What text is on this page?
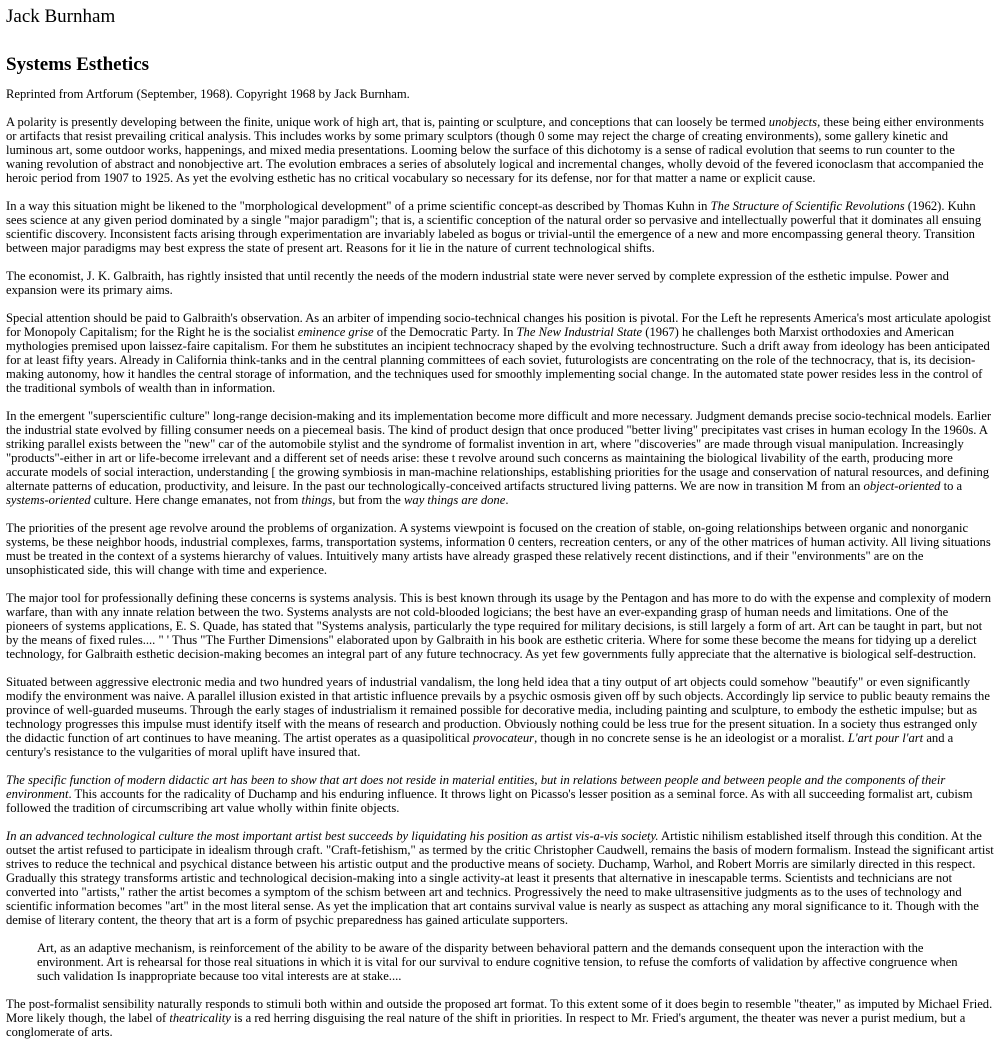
Jack Burnham
Systems Esthetics

Reprinted from Artforum (September, 1968). Copyright 1968 by Jack Burnham.

A polarity is presently developing between the finite, unique work of high art, that is, painting or sculpture, and conceptions that can loosely be termed unobjects, these being either environments or artifacts that resist prevailing critical analysis. This includes works by some primary sculptors (though 0 some may reject the charge of creating environments), some gallery kinetic and luminous art, some outdoor works, happenings, and mixed media presentations. Looming below the surface of this dichotomy is a sense of radical evolution that seems to run counter to the waning revolution of abstract and nonobjective art. The evolution embraces a series of absolutely logical and incremental changes, wholly devoid of the fevered iconoclasm that accompanied the heroic period from 1907 to 1925. As yet the evolving esthetic has no critical vocabulary so necessary for its defense, nor for that matter a name or explicit cause.

In a way this situation might be likened to the "morphological development" of a prime scientific concept-as described by Thomas Kuhn in The Structure of Scientific Revolutions (1962). Kuhn sees science at any given period dominated by a single "major paradigm"; that is, a scientific conception of the natural order so pervasive and intellectually powerful that it dominates all ensuing scientific discovery. Inconsistent facts arising through experimentation are invariably labeled as bogus or trivial-until the emergence of a new and more encompassing general theory. Transition between major paradigms may best express the state of present art. Reasons for it lie in the nature of current technological shifts.

The economist, J. K. Galbraith, has rightly insisted that until recently the needs of the modern industrial state were never served by complete expression of the esthetic impulse. Power and expansion were its primary aims.

Special attention should be paid to Galbraith's observation. As an arbiter of impending socio-technical changes his position is pivotal. For the Left he represents America's most articulate apologist for Monopoly Capitalism; for the Right he is the socialist eminence grise of the Democratic Party. In The New Industrial State (1967) he challenges both Marxist orthodoxies and American mythologies premised upon laissez-faire capitalism. For them he substitutes an incipient technocracy shaped by the evolving technostructure. Such a drift away from ideology has been anticipated for at least fifty years. Already in California think-tanks and in the central planning committees of each soviet, futurologists are concentrating on the role of the technocracy, that is, its decision-making autonomy, how it handles the central storage of information, and the techniques used for smoothly implementing social change. In the automated state power resides less in the control of the traditional symbols of wealth than in information.

In the emergent "superscientific culture" long-range decision-making and its implementation become more difficult and more necessary. Judgment demands precise socio-technical models. Earlier the industrial state evolved by filling consumer needs on a piecemeal basis. The kind of product design that once produced "better living" precipitates vast crises in human ecology In the 1960s. A striking parallel exists between the "new" car of the automobile stylist and the syndrome of formalist invention in art, where "discoveries" are made through visual manipulation. Increasingly "products"-either in art or life-become irrelevant and a different set of needs arise: these t revolve around such concerns as maintaining the biological livability of the earth, producing more accurate models of social interaction, understanding [ the growing symbiosis in man-machine relationships, establishing priorities for the usage and conservation of natural resources, and defining alternate patterns of education, productivity, and leisure. In the past our technologically-conceived artifacts structured living patterns. We are now in transition M from an object-oriented to a systems-oriented culture. Here change emanates, not from things, but from the way things are done.

The priorities of the present age revolve around the problems of organization. A systems viewpoint is focused on the creation of stable, on-going relationships between organic and nonorganic systems, be these neighbor hoods, industrial complexes, farms, transportation systems, information 0 centers, recreation centers, or any of the other matrices of human activity. All living situations must be treated in the context of a systems hierarchy of values. Intuitively many artists have already grasped these relatively recent distinctions, and if their "environments" are on the unsophisticated side, this will change with time and experience.

The major tool for professionally defining these concerns is systems analysis. This is best known through its usage by the Pentagon and has more to do with the expense and complexity of modern warfare, than with any innate relation between the two. Systems analysts are not cold-blooded logicians; the best have an ever-expanding grasp of human needs and limitations. One of the pioneers of systems applications, E. S. Quade, has stated that "Systems analysis, particularly the type required for military decisions, is still largely a form of art. Art can be taught in part, but not by the means of fixed rules.... " ' Thus "The Further Dimensions" elaborated upon by Galbraith in his book are esthetic criteria. Where for some these become the means for tidying up a derelict technology, for Galbraith esthetic decision-making becomes an integral part of any future technocracy. As yet few governments fully appreciate that the alternative is biological self-destruction.

Situated between aggressive electronic media and two hundred years of industrial vandalism, the long held idea that a tiny output of art objects could somehow "beautify" or even significantly modify the environment was naive. A parallel illusion existed in that artistic influence prevails by a psychic osmosis given off by such objects. Accordingly lip service to public beauty remains the province of well-guarded museums. Through the early stages of industrialism it remained possible for decorative media, including painting and sculpture, to embody the esthetic impulse; but as technology progresses this impulse must identify itself with the means of research and production. Obviously nothing could be less true for the present situation. In a society thus estranged only the didactic function of art continues to have meaning. The artist operates as a quasipolitical provocateur, though in no concrete sense is he an ideologist or a moralist. L'art pour l'art and a century's resistance to the vulgarities of moral uplift have insured that.

The specific function of modern didactic art has been to show that art does not reside in material entities, but in relations between people and between people and the components of their environment. This accounts for the radicality of Duchamp and his enduring influence. It throws light on Picasso's lesser position as a seminal force. As with all succeeding formalist art, cubism followed the tradition of circumscribing art value wholly within finite objects.

In an advanced technological culture the most important artist best succeeds by liquidating his position as artist vis-a-vis society. Artistic nihilism established itself through this condition. At the outset the artist refused to participate in idealism through craft. "Craft-fetishism," as termed by the critic Christopher Caudwell, remains the basis of modern formalism. Instead the significant artist strives to reduce the technical and psychical distance between his artistic output and the productive means of society. Duchamp, Warhol, and Robert Morris are similarly directed in this respect. Gradually this strategy transforms artistic and technological decision-making into a single activity-at least it presents that alternative in inescapable terms. Scientists and technicians are not converted into "artists," rather the artist becomes a symptom of the schism between art and technics. Progressively the need to make ultrasensitive judgments as to the uses of technology and scientific information becomes "art" in the most literal sense. As yet the implication that art contains survival value is nearly as suspect as attaching any moral significance to it. Though with the demise of literary content, the theory that art is a form of psychic preparedness has gained articulate supporters.

Art, as an adaptive mechanism, is reinforcement of the ability to be aware of the disparity between behavioral pattern and the demands consequent upon the interaction with the environment. Art is rehearsal for those real situations in which it is vital for our survival to endure cognitive tension, to refuse the comforts of validation by affective congruence when such validation Is inappropriate because too vital interests are at stake....

The post-formalist sensibility naturally responds to stimuli both within and outside the proposed art format. To this extent some of it does begin to resemble "theater," as imputed by Michael Fried. More likely though, the label of theatricality is a red herring disguising the real nature of the shift in priorities. In respect to Mr. Fried's argument, the theater was never a purist medium, but a conglomerate of arts.
